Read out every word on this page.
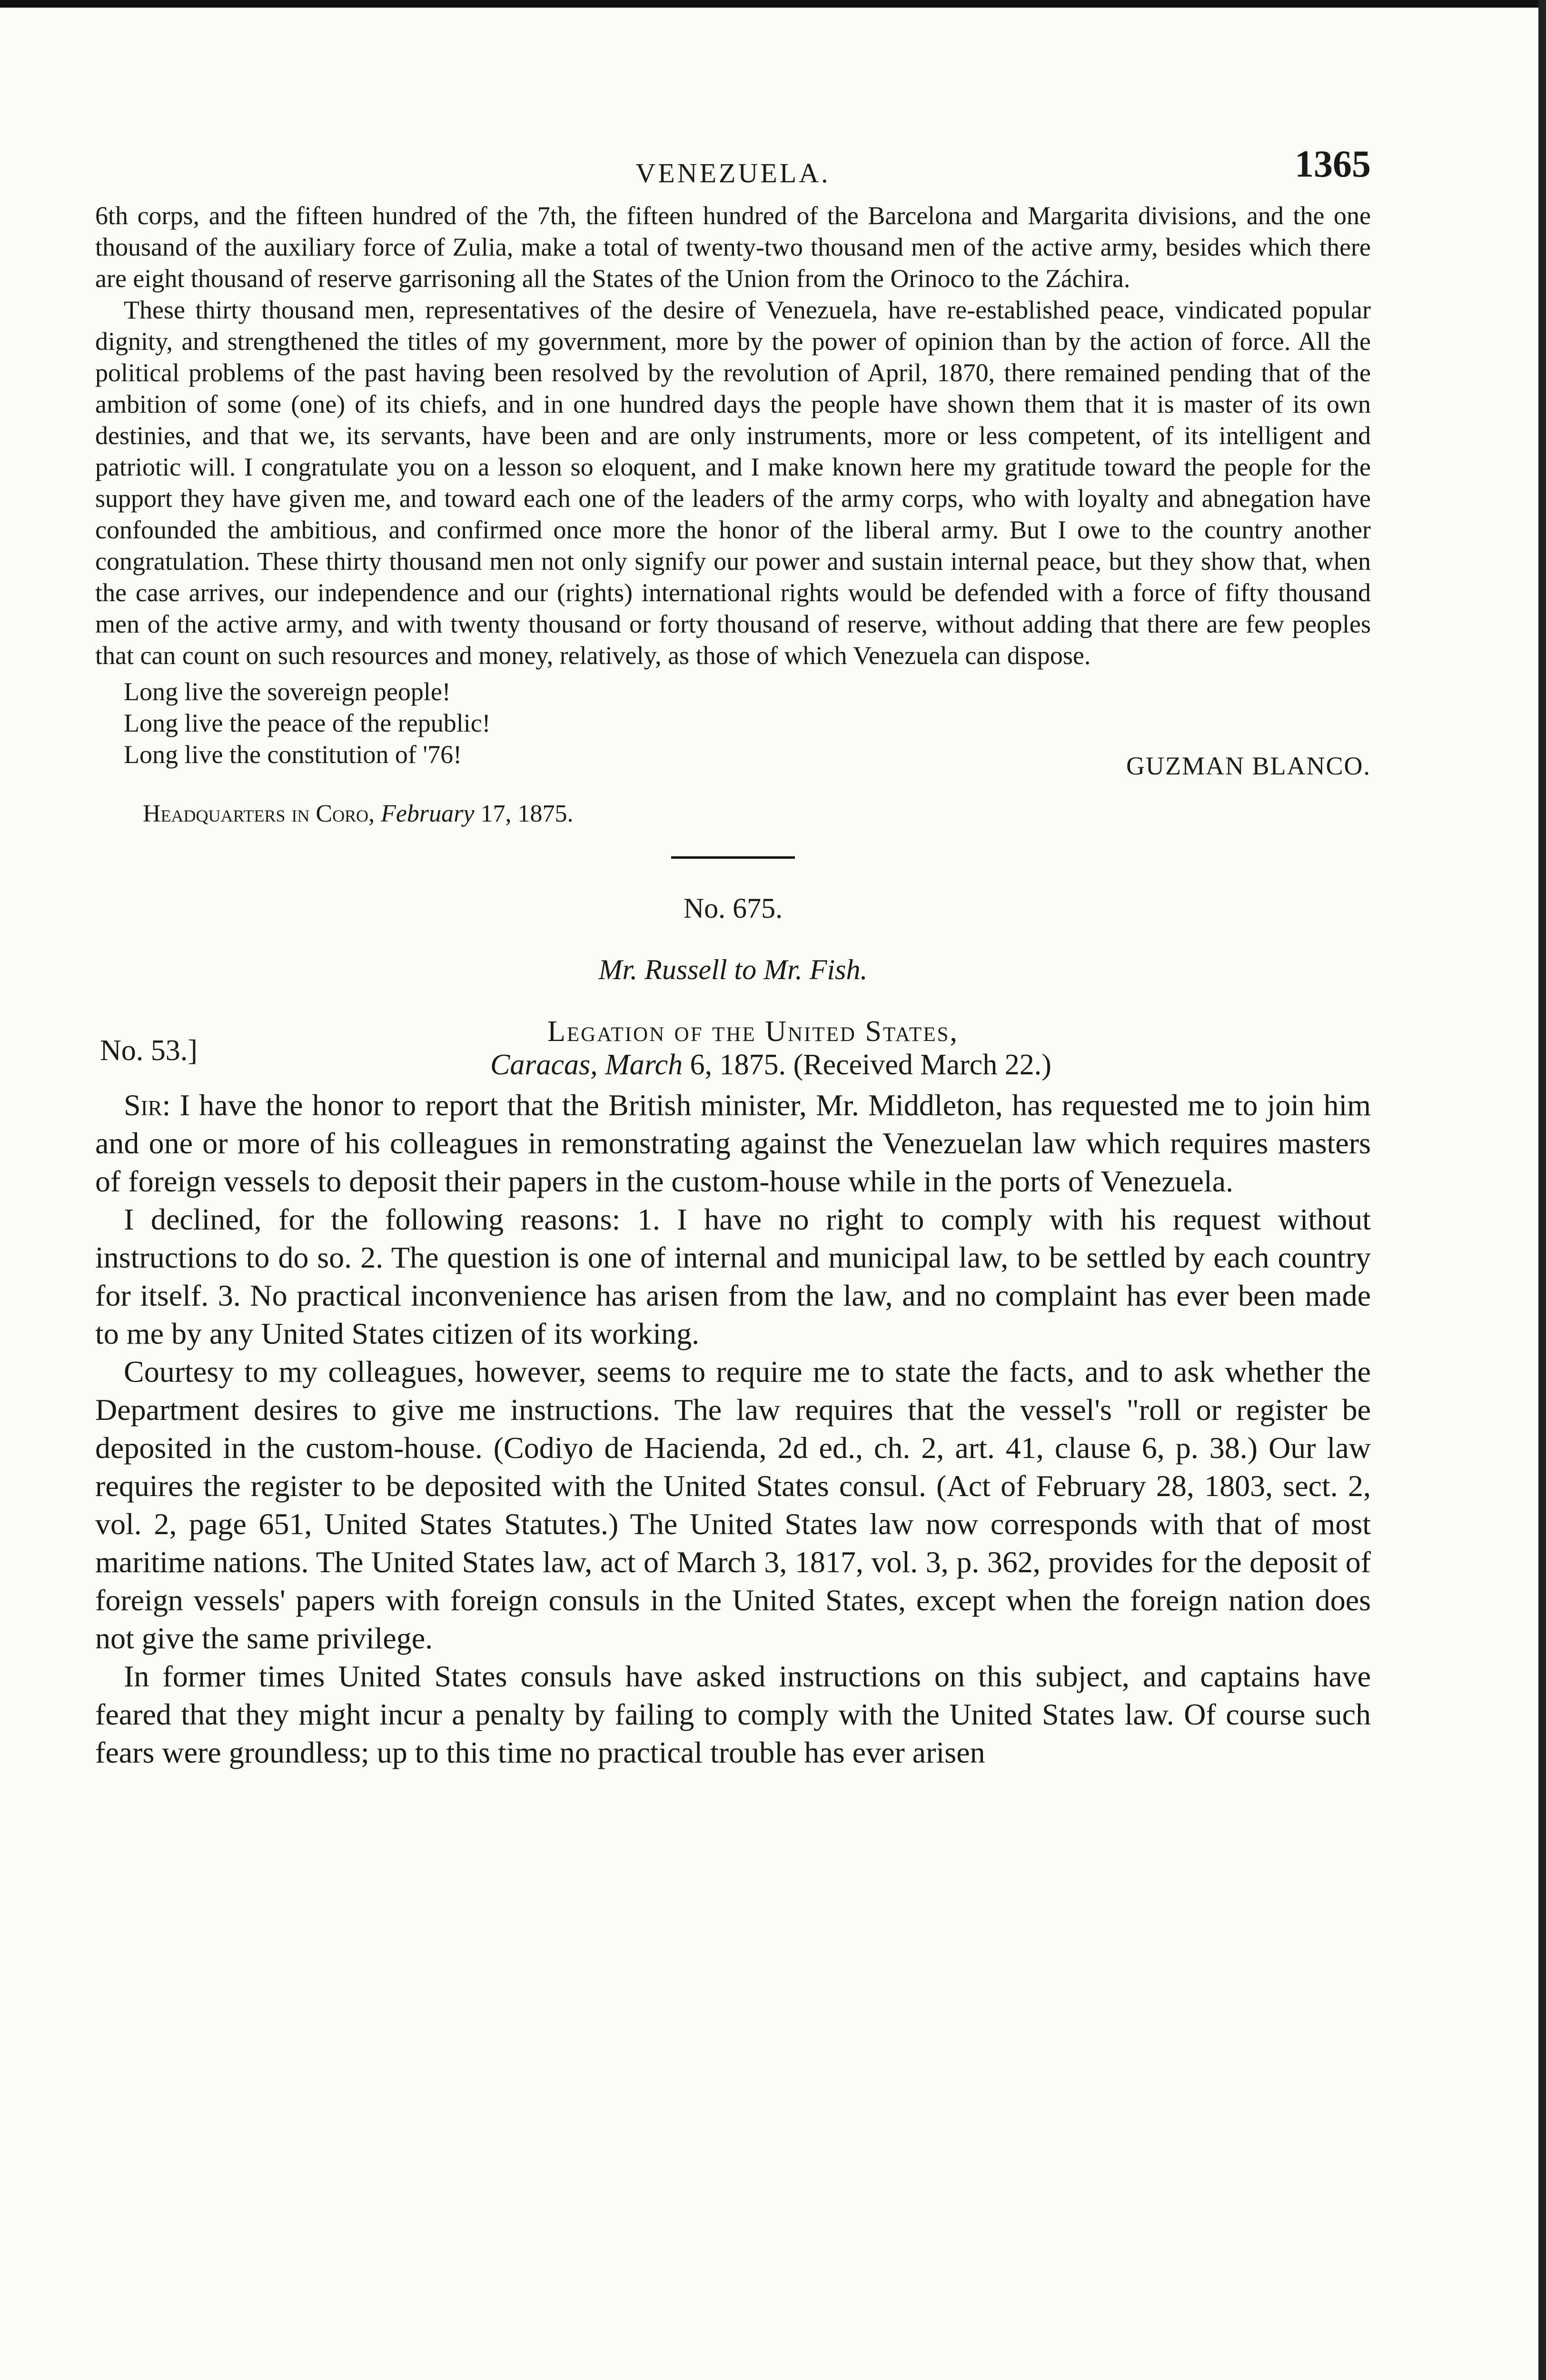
VENEZUELA.	1365

6th corps, and the fifteen hundred of the 7th, the fifteen hundred of the Barcelona and Margarita divisions, and the one thousand of the auxiliary force of Zulia, make a total of twenty-two thousand men of the active army, besides which there are eight thousand of reserve garrisoning all the States of the Union from the Orinoco to the Záchira.

These thirty thousand men, representatives of the desire of Venezuela, have re-established peace, vindicated popular dignity, and strengthened the titles of my government, more by the power of opinion than by the action of force. All the political problems of the past having been resolved by the revolution of April, 1870, there remained pending that of the ambition of some (one) of its chiefs, and in one hundred days the people have shown them that it is master of its own destinies, and that we, its servants, have been and are only instruments, more or less competent, of its intelligent and patriotic will. I congratulate you on a lesson so eloquent, and I make known here my gratitude toward the people for the support they have given me, and toward each one of the leaders of the army corps, who with loyalty and abnegation have confounded the ambitious, and confirmed once more the honor of the liberal army. But I owe to the country another congratulation. These thirty thousand men not only signify our power and sustain internal peace, but they show that, when the case arrives, our independence and our (rights) international rights would be defended with a force of fifty thousand men of the active army, and with twenty thousand or forty thousand of reserve, without adding that there are few peoples that can count on such resources and money, relatively, as those of which Venezuela can dispose.

Long live the sovereign people!

Long live the peace of the republic!

Long live the constitution of '76!	GUZMAN BLANCO.
Headquarters in Coro, February 17, 1875.
No. 675.
Mr. Russell to Mr. Fish.
No. 53.]
Legation of the United States,
Caracas, March 6, 1875. (Received March 22.)

Sir: I have the honor to report that the British minister, Mr. Middleton, has requested me to join him and one or more of his colleagues in remonstrating against the Venezuelan law which requires masters of foreign vessels to deposit their papers in the custom-house while in the ports of Venezuela.

I declined, for the following reasons: 1. I have no right to comply with his request without instructions to do so. 2. The question is one of internal and municipal law, to be settled by each country for itself. 3. No practical inconvenience has arisen from the law, and no complaint has ever been made to me by any United States citizen of its working.

Courtesy to my colleagues, however, seems to require me to state the facts, and to ask whether the Department desires to give me instructions. The law requires that the vessel's "roll or register be deposited in the custom-house. (Codiyo de Hacienda, 2d ed., ch. 2, art. 41, clause 6, p. 38.) Our law requires the register to be deposited with the United States consul. (Act of February 28, 1803, sect. 2, vol. 2, page 651, United States Statutes.) The United States law now corresponds with that of most maritime nations. The United States law, act of March 3, 1817, vol. 3, p. 362, provides for the deposit of foreign vessels' papers with foreign consuls in the United States, except when the foreign nation does not give the same privilege.

In former times United States consuls have asked instructions on this subject, and captains have feared that they might incur a penalty by failing to comply with the United States law. Of course such fears were groundless; up to this time no practical trouble has ever arisen
